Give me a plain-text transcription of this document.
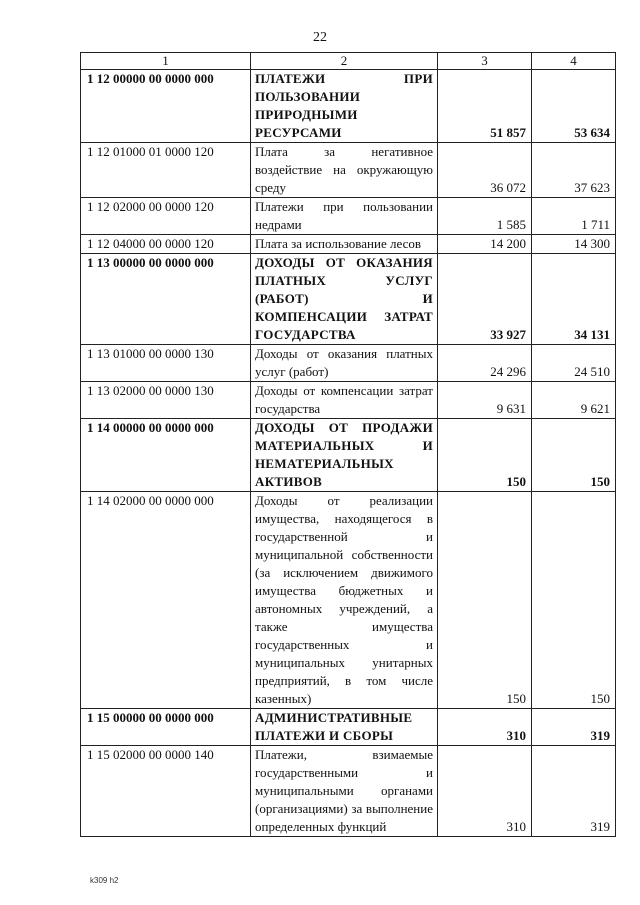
22
1	2	3	4
1 12 00000 00 0000 000	ПЛАТЕЖИ ПРИ ПОЛЬЗОВАНИИ ПРИРОДНЫМИ РЕСУРСАМИ	51 857	53 634
1 12 01000 01 0000 120	Плата за негативное воздействие на окружающую среду	36 072	37 623
1 12 02000 00 0000 120	Платежи при пользовании недрами	1 585	1 711
1 12 04000 00 0000 120	Плата за использование лесов	14 200	14 300
1 13 00000 00 0000 000	ДОХОДЫ ОТ ОКАЗАНИЯ ПЛАТНЫХ УСЛУГ (РАБОТ) И КОМПЕНСАЦИИ ЗАТРАТ ГОСУДАРСТВА	33 927	34 131
1 13 01000 00 0000 130	Доходы от оказания платных услуг (работ)	24 296	24 510
1 13 02000 00 0000 130	Доходы от компенсации затрат государства	9 631	9 621
1 14 00000 00 0000 000	ДОХОДЫ ОТ ПРОДАЖИ МАТЕРИАЛЬНЫХ И НЕМАТЕРИАЛЬНЫХ АКТИВОВ	150	150
1 14 02000 00 0000 000	Доходы от реализации имущества, находящегося в государственной и муниципальной собственности (за исключением движимого имущества бюджетных и автономных учреждений, а также имущества государственных и муниципальных унитарных предприятий, в том числе казенных)	150	150
1 15 00000 00 0000 000	АДМИНИСТРАТИВНЫЕ ПЛАТЕЖИ И СБОРЫ	310	319
1 15 02000 00 0000 140	Платежи, взимаемые государственными и муниципальными органами (организациями) за выполнение определенных функций	310	319
k309 h2
